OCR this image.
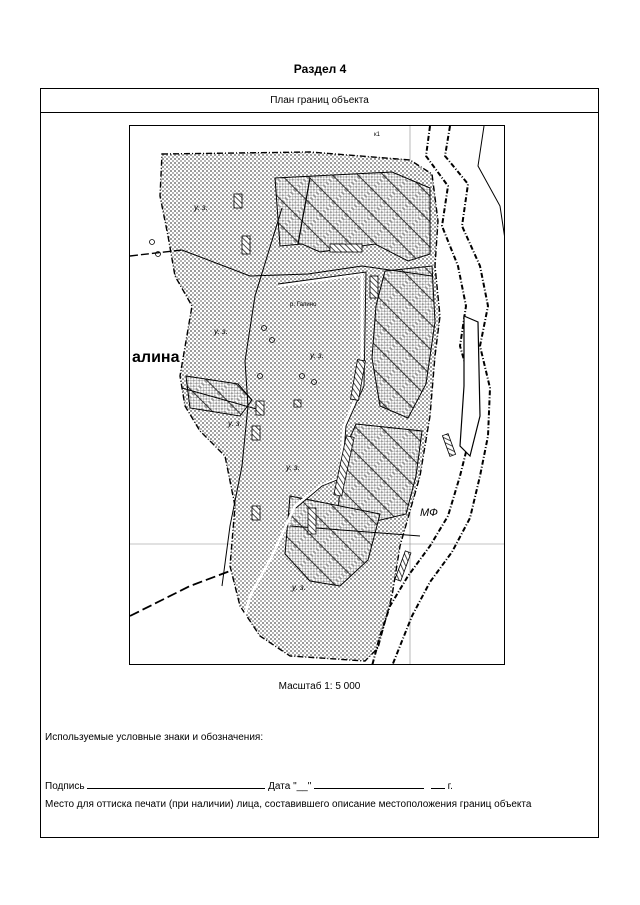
Раздел 4
План границ объекта
алина
МФ
р. Галино
у. з.
у. з.
у. з.
у. з.
у. з.
у. з.
к1
Масштаб 1: 5 000
Используемые условные знаки и обозначения:
Подпись	Дата "__"	г.
Место для оттиска печати (при наличии) лица, составившего описание местоположения границ объекта
